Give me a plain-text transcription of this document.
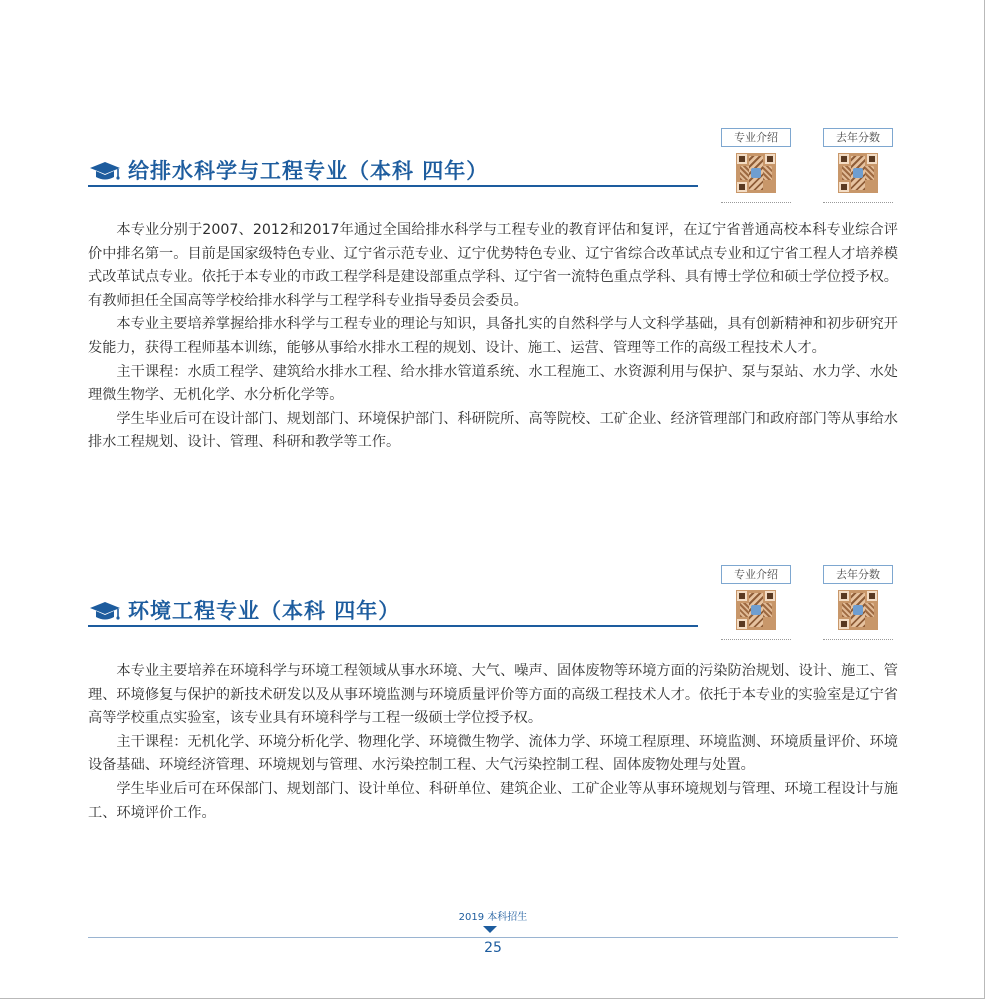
专业介绍	去年分数
给排水科学与工程专业（本科 四年）

本专业分别于2007、2012和2017年通过全国给排水科学与工程专业的教育评估和复评，在辽宁省普通高校本科专业综合评价中排名第一。目前是国家级特色专业、辽宁省示范专业、辽宁优势特色专业、辽宁省综合改革试点专业和辽宁省工程人才培养模式改革试点专业。依托于本专业的市政工程学科是建设部重点学科、辽宁省一流特色重点学科、具有博士学位和硕士学位授予权。有教师担任全国高等学校给排水科学与工程学科专业指导委员会委员。

本专业主要培养掌握给排水科学与工程专业的理论与知识，具备扎实的自然科学与人文科学基础，具有创新精神和初步研究开发能力，获得工程师基本训练，能够从事给水排水工程的规划、设计、施工、运营、管理等工作的高级工程技术人才。

主干课程：水质工程学、建筑给水排水工程、给水排水管道系统、水工程施工、水资源利用与保护、泵与泵站、水力学、水处理微生物学、无机化学、水分析化学等。

学生毕业后可在设计部门、规划部门、环境保护部门、科研院所、高等院校、工矿企业、经济管理部门和政府部门等从事给水排水工程规划、设计、管理、科研和教学等工作。

专业介绍	去年分数
环境工程专业（本科 四年）

本专业主要培养在环境科学与环境工程领域从事水环境、大气、噪声、固体废物等环境方面的污染防治规划、设计、施工、管理、环境修复与保护的新技术研发以及从事环境监测与环境质量评价等方面的高级工程技术人才。依托于本专业的实验室是辽宁省高等学校重点实验室，该专业具有环境科学与工程一级硕士学位授予权。

主干课程：无机化学、环境分析化学、物理化学、环境微生物学、流体力学、环境工程原理、环境监测、环境质量评价、环境设备基础、环境经济管理、环境规划与管理、水污染控制工程、大气污染控制工程、固体废物处理与处置。

学生毕业后可在环保部门、规划部门、设计单位、科研单位、建筑企业、工矿企业等从事环境规划与管理、环境工程设计与施工、环境评价工作。

2019 本科招生
25
